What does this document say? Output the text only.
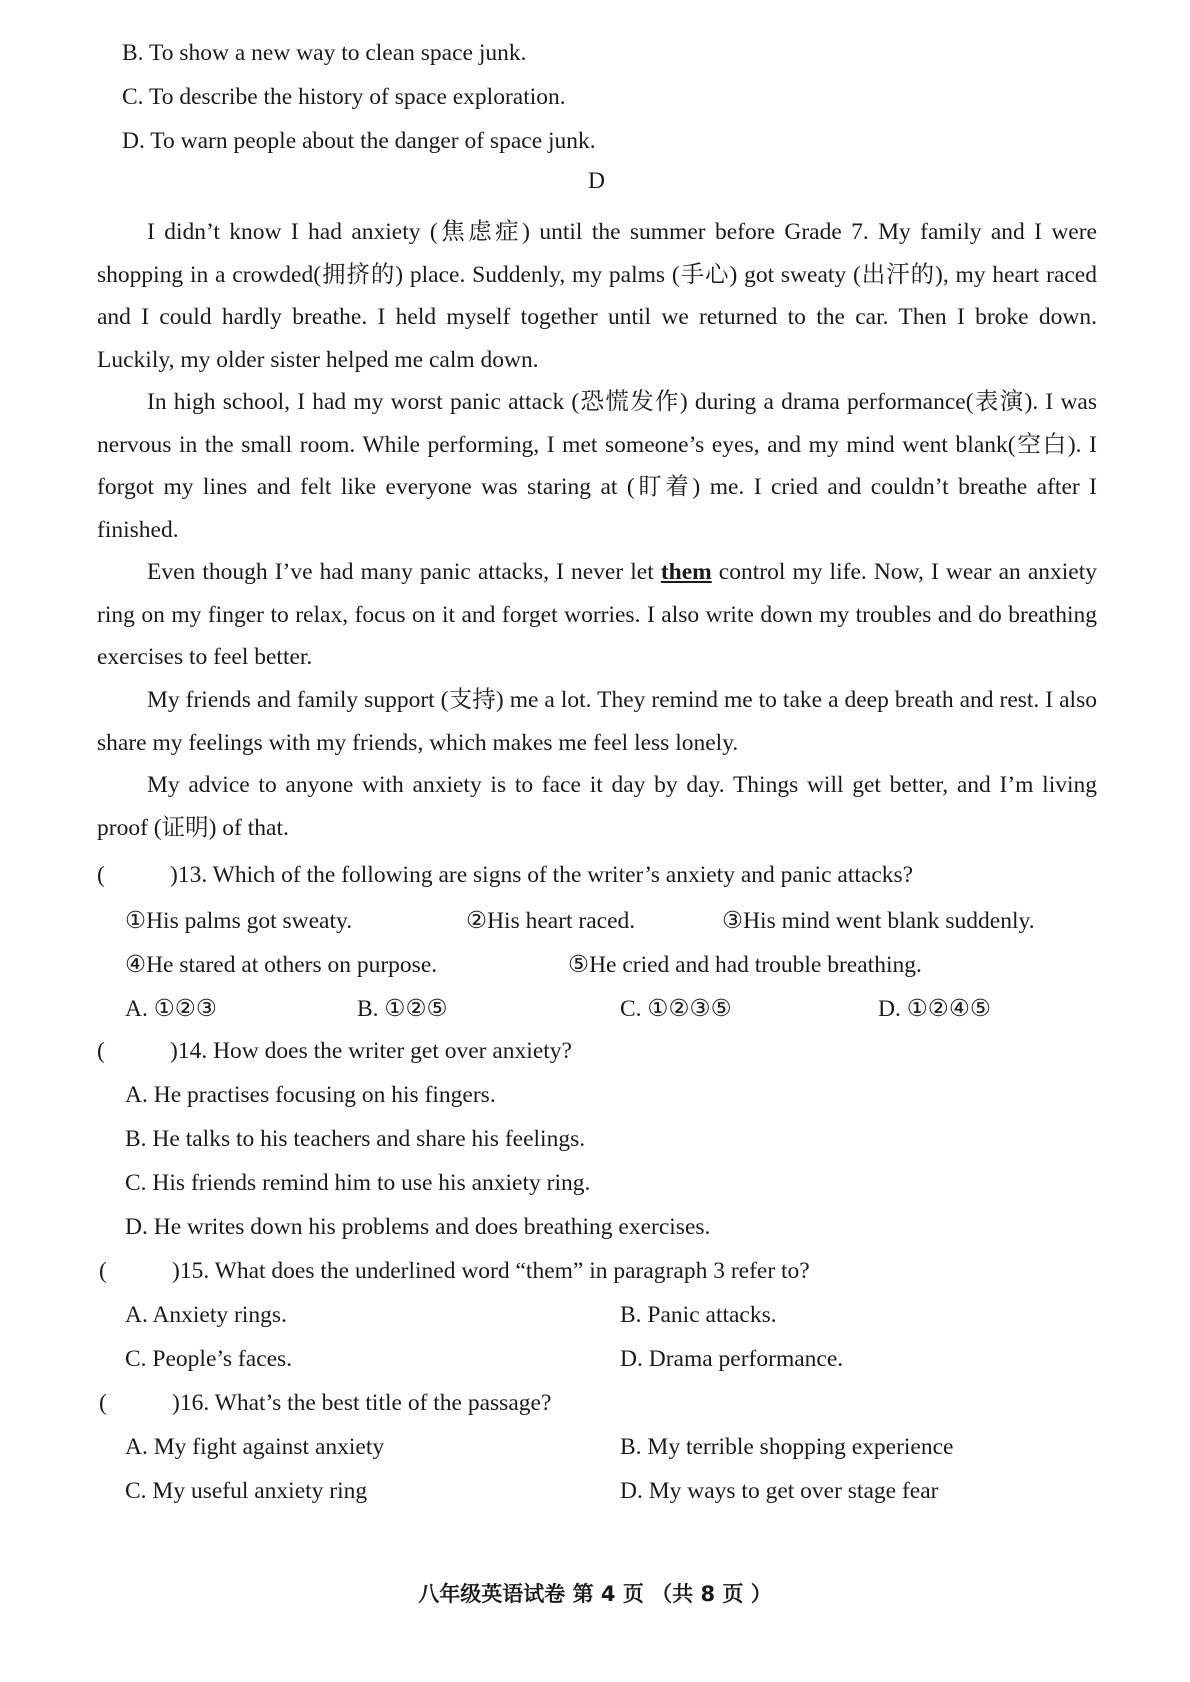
B. To show a new way to clean space junk.
C. To describe the history of space exploration.
D. To warn people about the danger of space junk.
D
I didn’t know I had anxiety (焦虑症) until the summer before Grade 7. My family and I were shopping in a crowded(拥挤的) place. Suddenly, my palms (手心) got sweaty (出汗的), my heart raced and I could hardly breathe. I held myself together until we returned to the car. Then I broke down. Luckily, my older sister helped me calm down.
In high school, I had my worst panic attack (恐慌发作) during a drama performance(表演). I was nervous in the small room. While performing, I met someone’s eyes, and my mind went blank(空白). I forgot my lines and felt like everyone was staring at (盯着) me. I cried and couldn’t breathe after I finished.
Even though I’ve had many panic attacks, I never let them control my life. Now, I wear an anxiety ring on my finger to relax, focus on it and forget worries. I also write down my troubles and do breathing exercises to feel better.
My friends and family support (支持) me a lot. They remind me to take a deep breath and rest. I also share my feelings with my friends, which makes me feel less lonely.
My advice to anyone with anxiety is to face it day by day. Things will get better, and I’m living proof (证明) of that.
(	)13. Which of the following are signs of the writer’s anxiety and panic attacks?
①His palms got sweaty.	②His heart raced.	③His mind went blank suddenly.
④He stared at others on purpose.	⑤He cried and had trouble breathing.
A. ①②③	B. ①②⑤	C. ①②③⑤	D. ①②④⑤
(	)14. How does the writer get over anxiety?
A. He practises focusing on his fingers.
B. He talks to his teachers and share his feelings.
C. His friends remind him to use his anxiety ring.
D. He writes down his problems and does breathing exercises.
(	)15. What does the underlined word “them” in paragraph 3 refer to?
A. Anxiety rings.	B. Panic attacks.
C. People’s faces.	D. Drama performance.
(	)16. What’s the best title of the passage?
A. My fight against anxiety	B. My terrible shopping experience
C. My useful anxiety ring	D. My ways to get over stage fear
八年级英语试卷 第 4 页 （共 8 页 ）
